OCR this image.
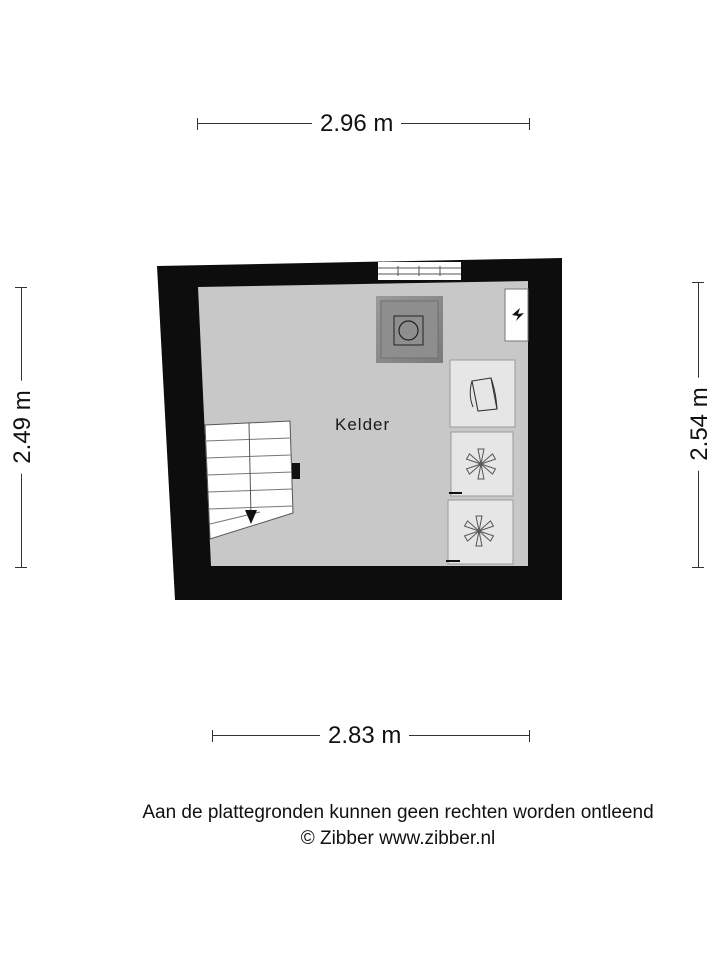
2.96 m
2.49 m	2.54 m
2.83 m
Kelder
Aan de plattegronden kunnen geen rechten worden ontleend
© Zibber www.zibber.nl
